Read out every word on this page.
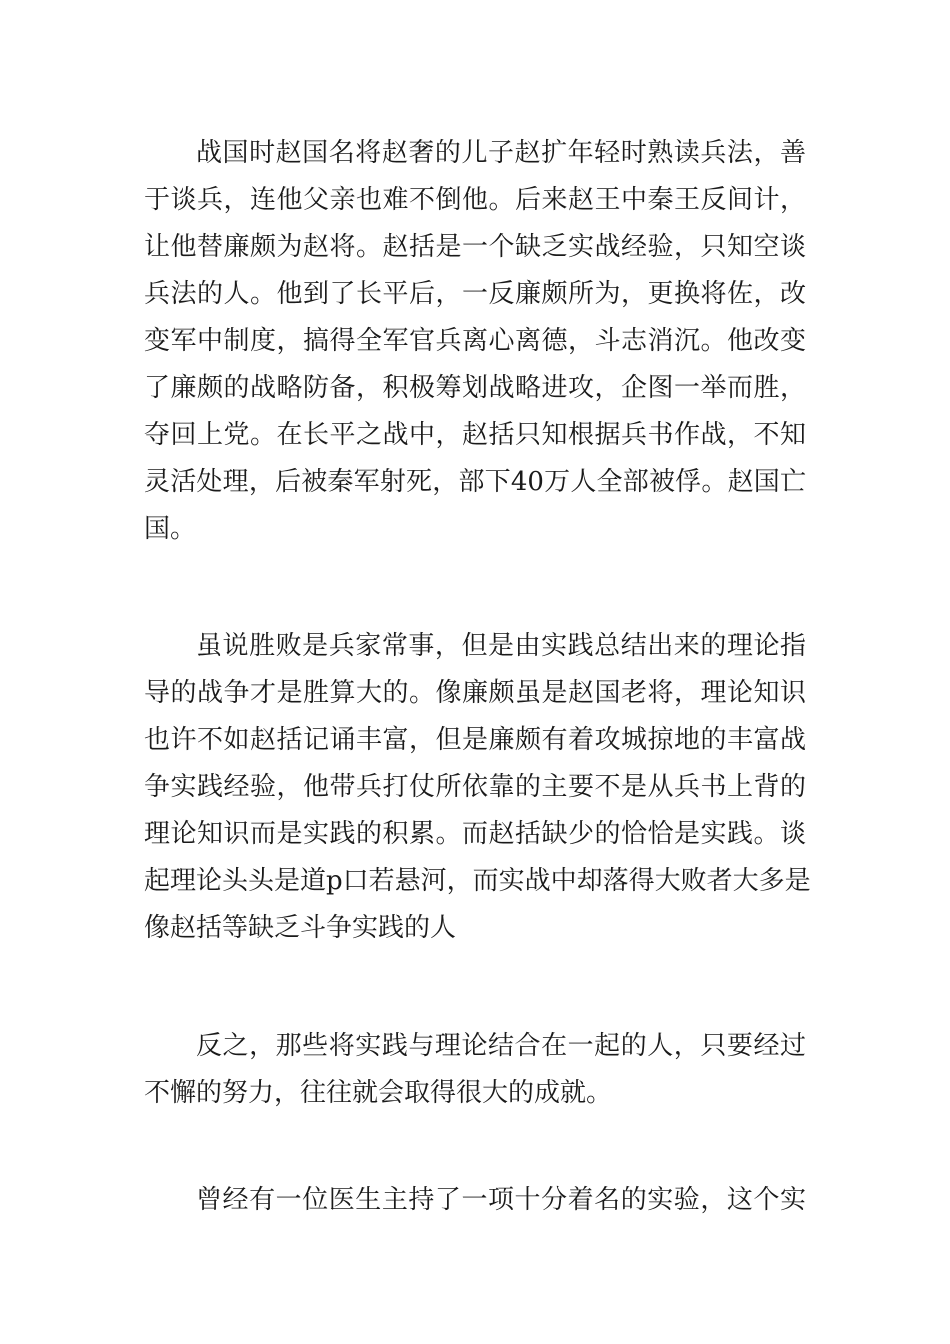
战国时赵国名将赵奢的儿子赵扩年轻时熟读兵法，善
于谈兵，连他父亲也难不倒他。后来赵王中秦王反间计，
让他替廉颇为赵将。赵括是一个缺乏实战经验，只知空谈
兵法的人。他到了长平后，一反廉颇所为，更换将佐，改
变军中制度，搞得全军官兵离心离德，斗志消沉。他改变
了廉颇的战略防备，积极筹划战略进攻，企图一举而胜，
夺回上党。在长平之战中，赵括只知根据兵书作战，不知
灵活处理，后被秦军射死，部下40万人全部被俘。赵国亡
国。
虽说胜败是兵家常事，但是由实践总结出来的理论指
导的战争才是胜算大的。像廉颇虽是赵国老将，理论知识
也许不如赵括记诵丰富，但是廉颇有着攻城掠地的丰富战
争实践经验，他带兵打仗所依靠的主要不是从兵书上背的
理论知识而是实践的积累。而赵括缺少的恰恰是实践。谈
起理论头头是道p口若悬河，而实战中却落得大败者大多是
像赵括等缺乏斗争实践的人
反之，那些将实践与理论结合在一起的人，只要经过
不懈的努力，往往就会取得很大的成就。
曾经有一位医生主持了一项十分着名的实验，这个实
